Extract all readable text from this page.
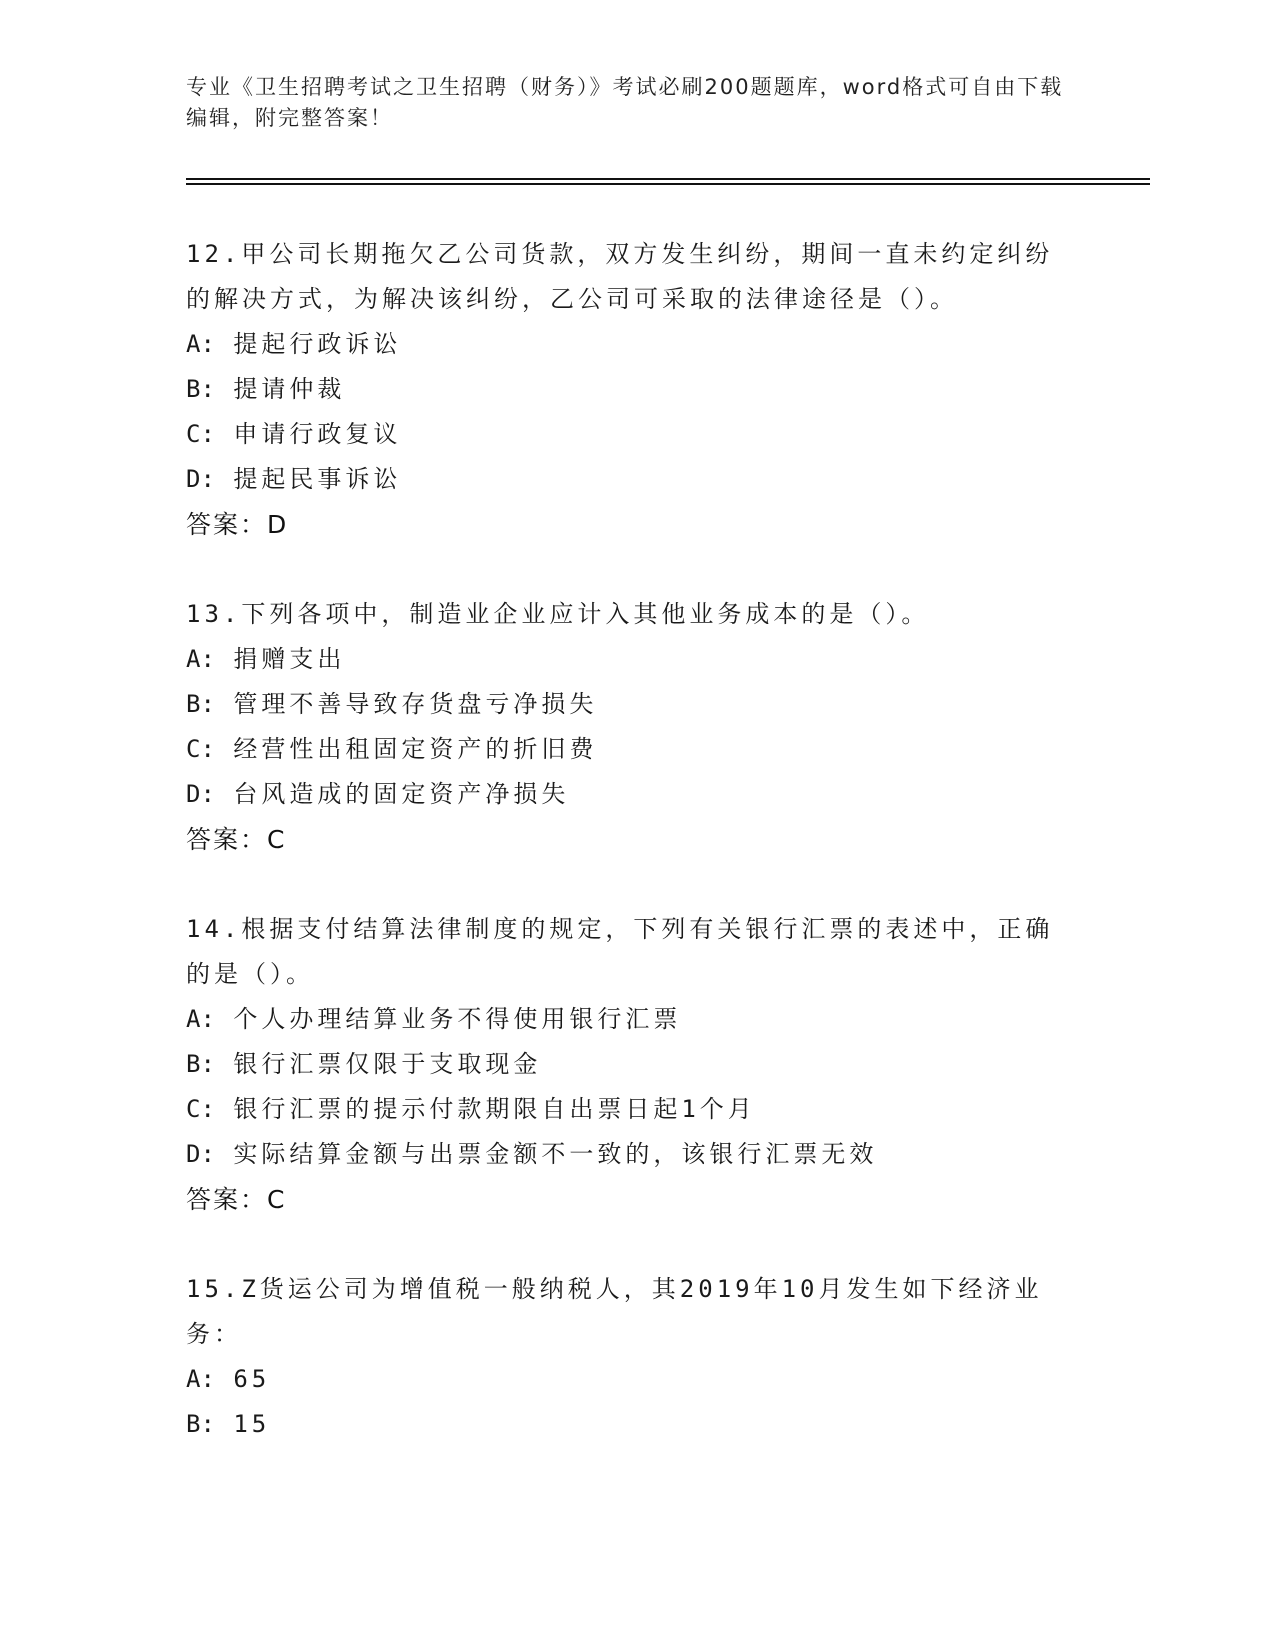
专业《卫生招聘考试之卫生招聘（财务）》考试必刷200题题库，word格式可自由下载编辑，附完整答案！

12.甲公司长期拖欠乙公司货款，双方发生纠纷，期间一直未约定纠纷的解决方式，为解决该纠纷，乙公司可采取的法律途径是（）。

A: 提起行政诉讼

B: 提请仲裁

C: 申请行政复议

D: 提起民事诉讼

答案：D

13.下列各项中，制造业企业应计入其他业务成本的是（）。

A: 捐赠支出

B: 管理不善导致存货盘亏净损失

C: 经营性出租固定资产的折旧费

D: 台风造成的固定资产净损失

答案：C

14.根据支付结算法律制度的规定，下列有关银行汇票的表述中，正确的是（）。

A: 个人办理结算业务不得使用银行汇票

B: 银行汇票仅限于支取现金

C: 银行汇票的提示付款期限自出票日起1个月

D: 实际结算金额与出票金额不一致的，该银行汇票无效

答案：C

15.Z货运公司为增值税一般纳税人，其2019年10月发生如下经济业务：

A: 65

B: 15
